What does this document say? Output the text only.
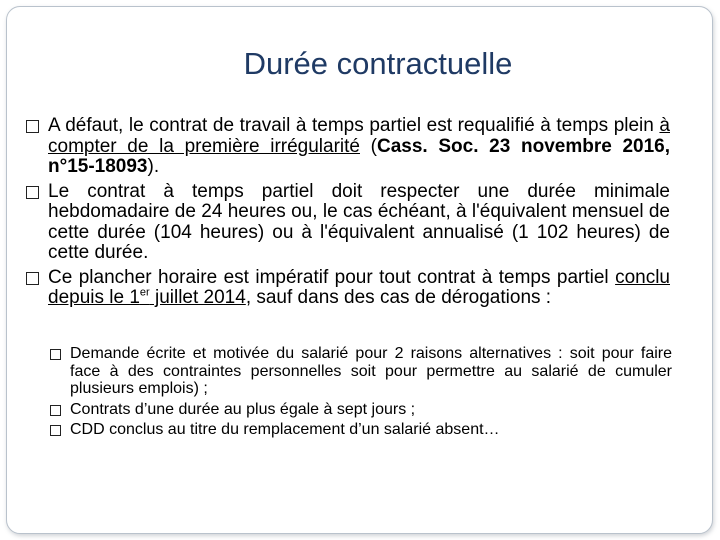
Durée contractuelle
A défaut, le contrat de travail à temps partiel est requalifié à temps plein à compter de la première irrégularité (Cass. Soc. 23 novembre 2016, n°15-18093).
Le contrat à temps partiel doit respecter une durée minimale hebdomadaire de 24 heures ou, le cas échéant, à l'équivalent mensuel de cette durée (104 heures) ou à l'équivalent annualisé (1 102 heures) de cette durée.
Ce plancher horaire est impératif pour tout contrat à temps partiel conclu depuis le 1er juillet 2014, sauf dans des cas de dérogations :
Demande écrite et motivée du salarié pour 2 raisons alternatives : soit pour faire face à des contraintes personnelles soit pour permettre au salarié de cumuler plusieurs emplois) ;
Contrats d’une durée au plus égale à sept jours ;
CDD conclus au titre du remplacement d’un salarié absent…
